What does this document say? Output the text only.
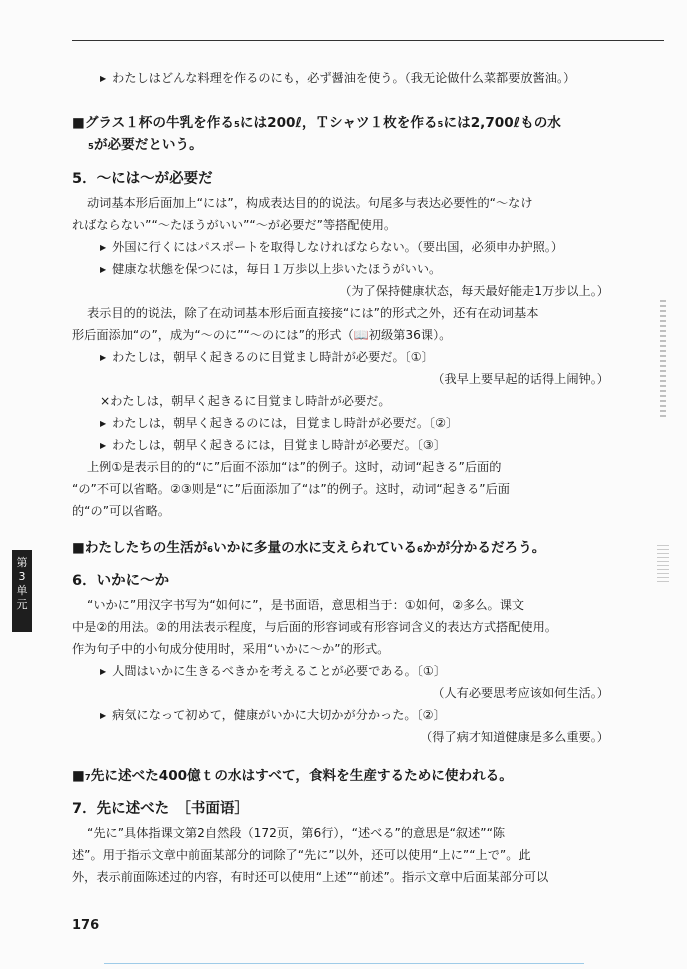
▶ わたしはどんな料理を作るのにも，必ず醤油を使う。（我无论做什么菜都要放酱油。）
■グラス１杯の牛乳を作る₅には200ℓ，Ｔシャツ１枚を作る₅には2,700ℓもの水
₅が必要だという。
5．～には～が必要だ
动词基本形后面加上“には”，构成表达目的的说法。句尾多与表达必要性的“～なけ
ればならない”“～たほうがいい”“～が必要だ”等搭配使用。
▶ 外国に行くにはパスポートを取得しなければならない。（要出国，必须申办护照。）
▶ 健康な状態を保つには，毎日１万歩以上歩いたほうがいい。
（为了保持健康状态，每天最好能走1万步以上。）
表示目的的说法，除了在动词基本形后面直接接“には”的形式之外，还有在动词基本
形后面添加“の”，成为“～のに”“～のには”的形式（📖初级第36课）。
▶ わたしは，朝早く起きるのに目覚まし時計が必要だ。〔①〕
（我早上要早起的话得上闹钟。）
×わたしは，朝早く起きるに目覚まし時計が必要だ。
▶ わたしは，朝早く起きるのには，目覚まし時計が必要だ。〔②〕
▶ わたしは，朝早く起きるには，目覚まし時計が必要だ。〔③〕
上例①是表示目的的“に”后面不添加“は”的例子。这时，动词“起きる”后面的
“の”不可以省略。②③则是“に”后面添加了“は”的例子。这时，动词“起きる”后面
的“の”可以省略。
■わたしたちの生活が₆いかに多量の水に支えられている₆かが分かるだろう。
6．いかに～か
“いかに”用汉字书写为“如何に”，是书面语，意思相当于：①如何，②多么。课文
中是②的用法。②的用法表示程度，与后面的形容词或有形容词含义的表达方式搭配使用。
作为句子中的小句成分使用时，采用“いかに～か”的形式。
▶ 人間はいかに生きるべきかを考えることが必要である。〔①〕
（人有必要思考应该如何生活。）
▶ 病気になって初めて，健康がいかに大切かが分かった。〔②〕
（得了病才知道健康是多么重要。）
■₇先に述べた400億ｔの水はすべて，食料を生産するために使われる。
7．先に述べた　［书面语］
“先に”具体指课文第2自然段（172页，第6行），“述べる”的意思是“叙述”“陈
述”。用于指示文章中前面某部分的词除了“先に”以外，还可以使用“上に”“上で”。此
外，表示前面陈述过的内容，有时还可以使用“上述”“前述”。指示文章中后面某部分可以
第
3
单
元
176
